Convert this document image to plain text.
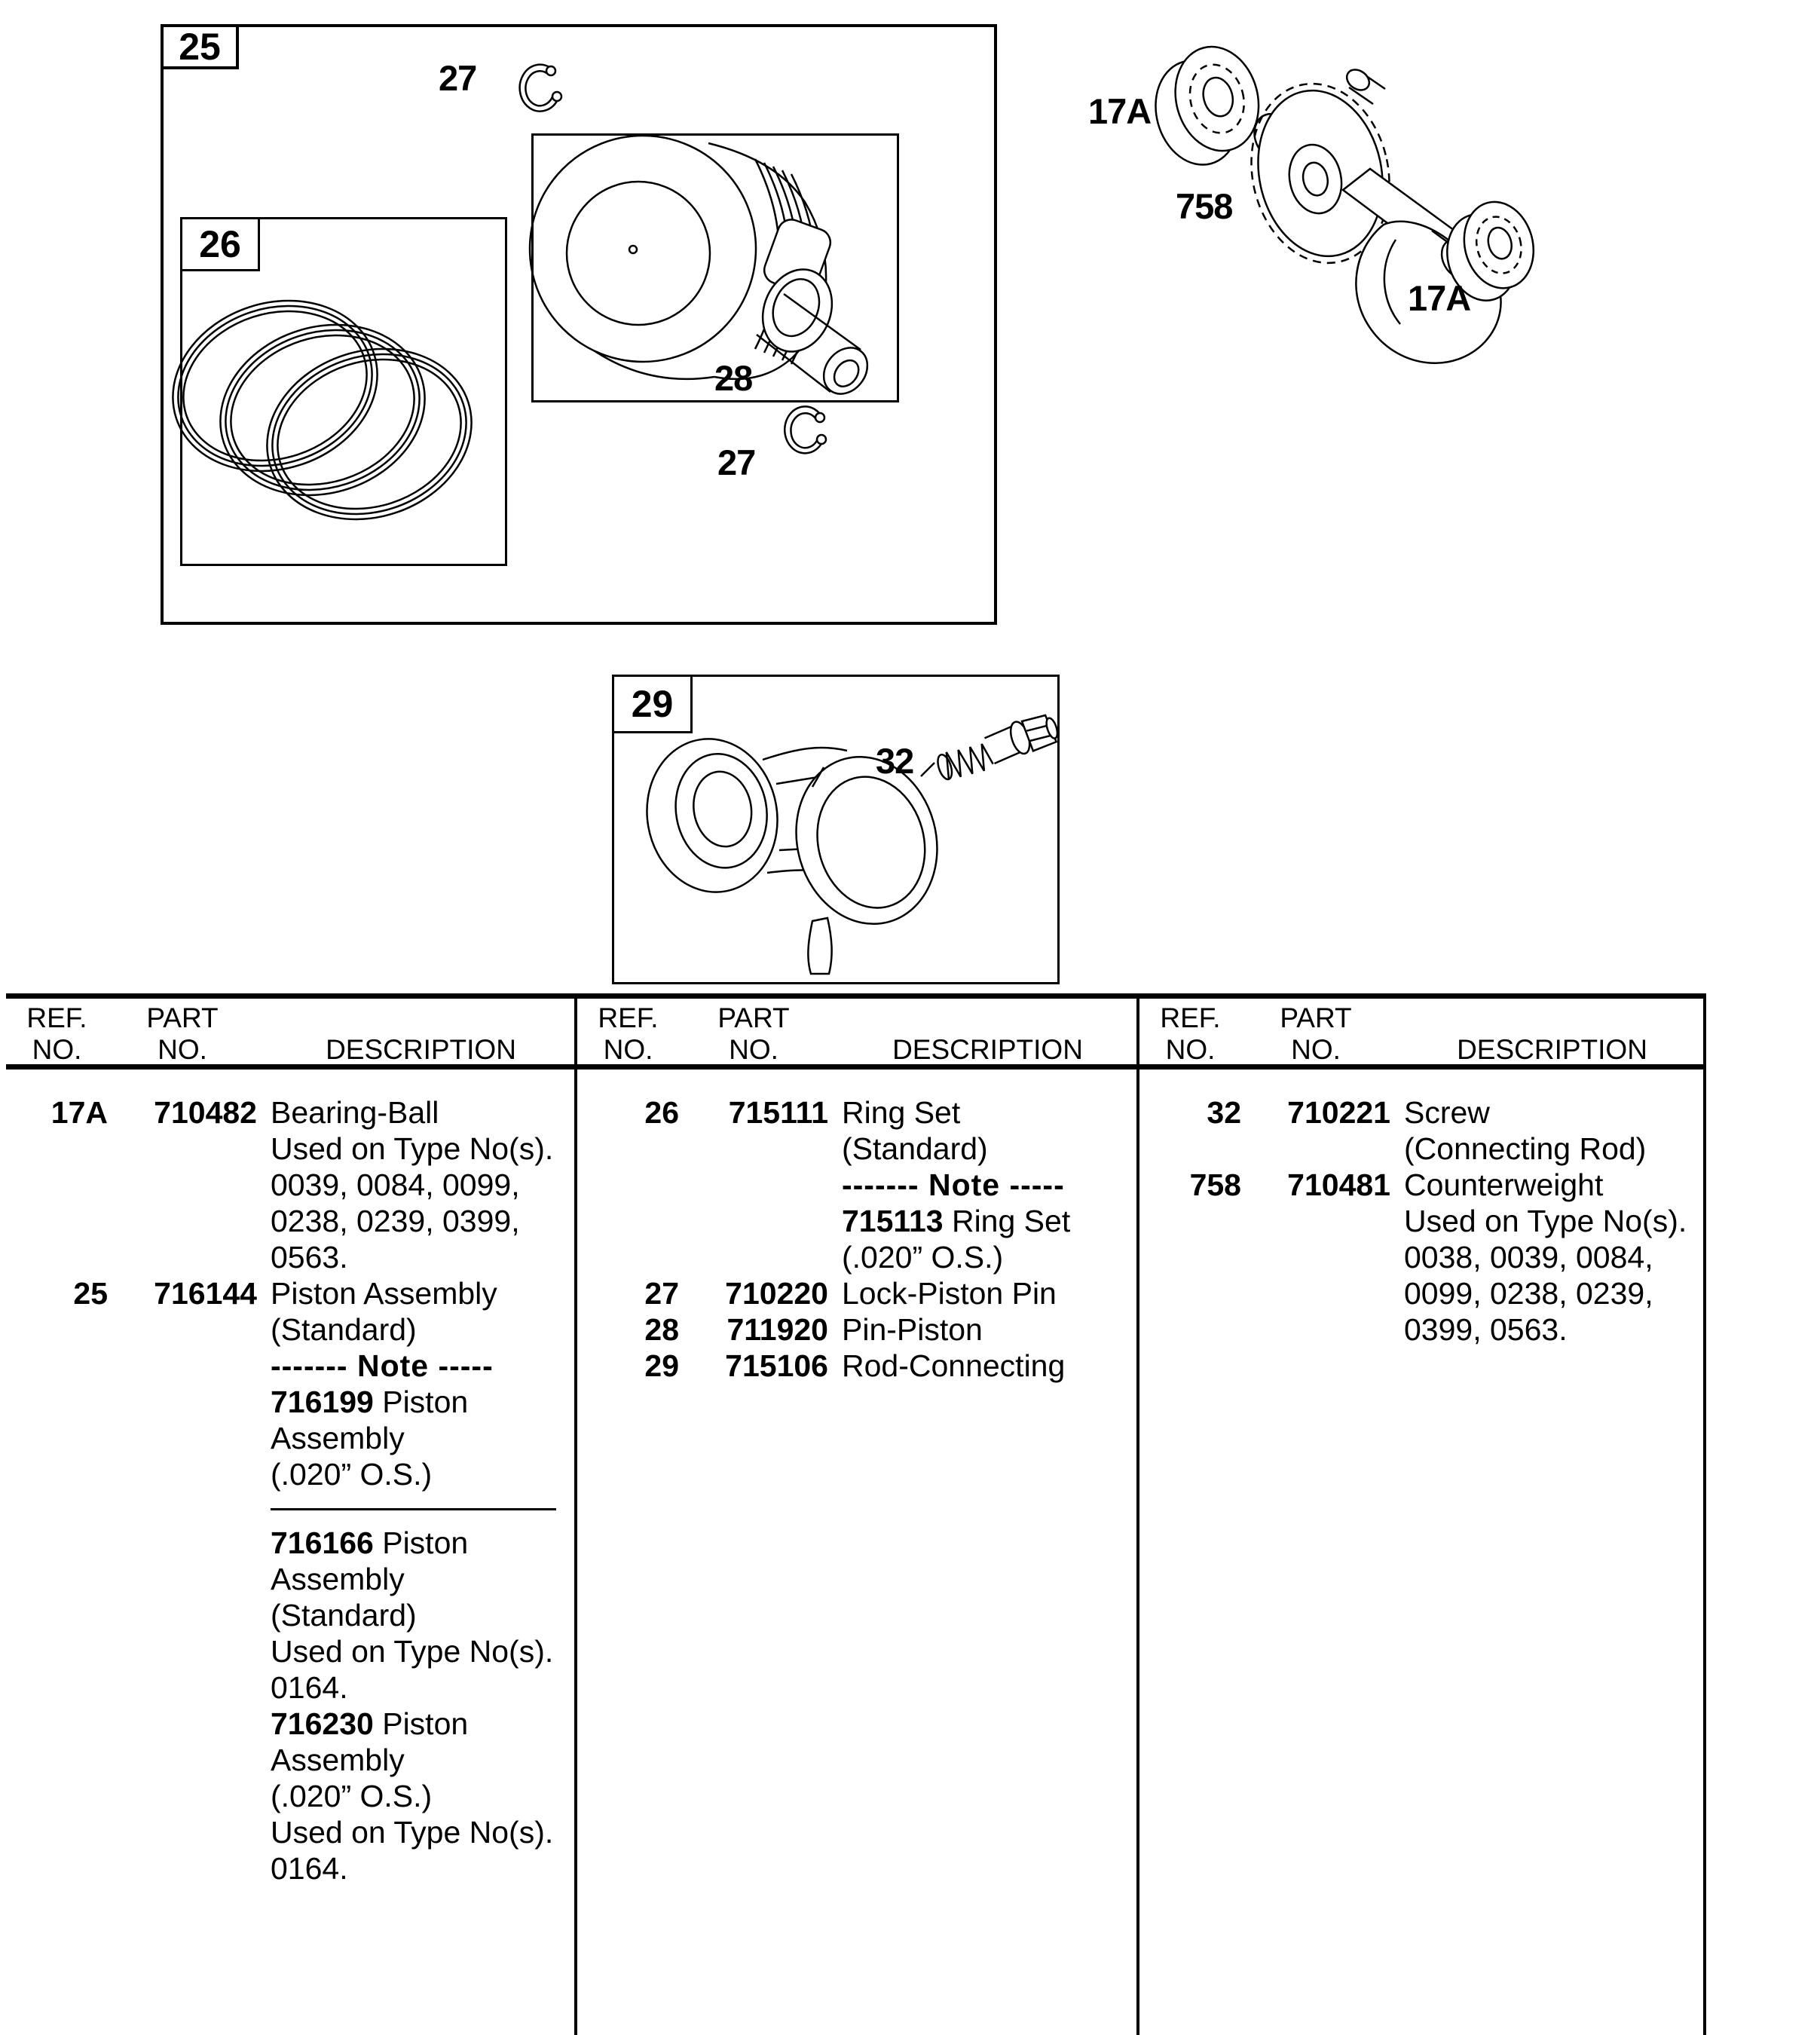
25
26
29
27
28
27
17A
758
17A
32
REF.	PART
NO.	NO.	DESCRIPTION
17A	710482 Bearing-Ball
Used on Type No(s).
0039, 0084, 0099,
0238, 0239, 0399,
0563.
25	716144 Piston Assembly
(Standard)
------- Note -----
716199 Piston
Assembly
(.020” O.S.)
716166 Piston
Assembly
(Standard)
Used on Type No(s).
0164.
716230 Piston
Assembly
(.020” O.S.)
Used on Type No(s).
0164.
REF.	PART
NO.	NO.	DESCRIPTION
26	715111 Ring Set
(Standard)
------- Note -----
715113 Ring Set
(.020” O.S.)
27	710220 Lock-Piston Pin
28	711920 Pin-Piston
29	715106 Rod-Connecting
REF.	PART
NO.	NO.	DESCRIPTION
32	710221 Screw
(Connecting Rod)
758	710481 Counterweight
Used on Type No(s).
0038, 0039, 0084,
0099, 0238, 0239,
0399, 0563.
